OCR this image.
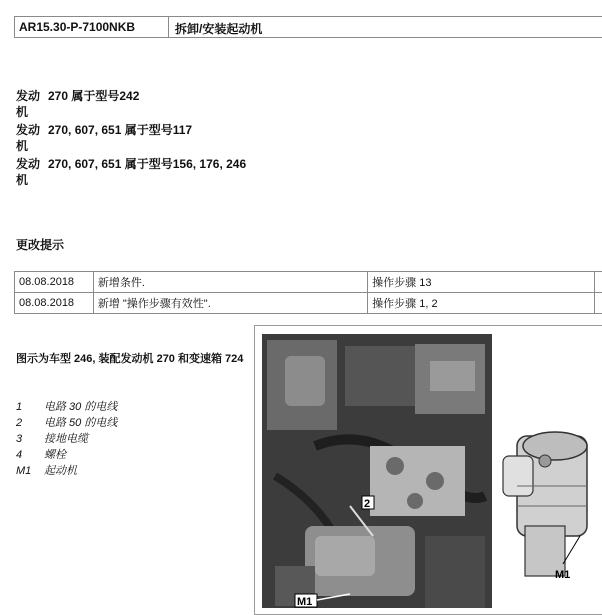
AR15.30-P-7100NKB	拆卸/安装起动机
发动机
270 属于型号242
发动机
270, 607, 651 属于型号117
发动机
270, 607, 651 属于型号156, 176, 246
更改提示
08.08.2018	新增条件.	操作步骤 13	
08.08.2018	新增 "操作步骤有效性".	操作步骤 1, 2	
图示为车型 246, 装配发动机 270 和变速箱 724
1	电路 30 的电线
2	电路 50 的电线
3	接地电缆
4	螺栓
M1	起动机
2
M1
M1
